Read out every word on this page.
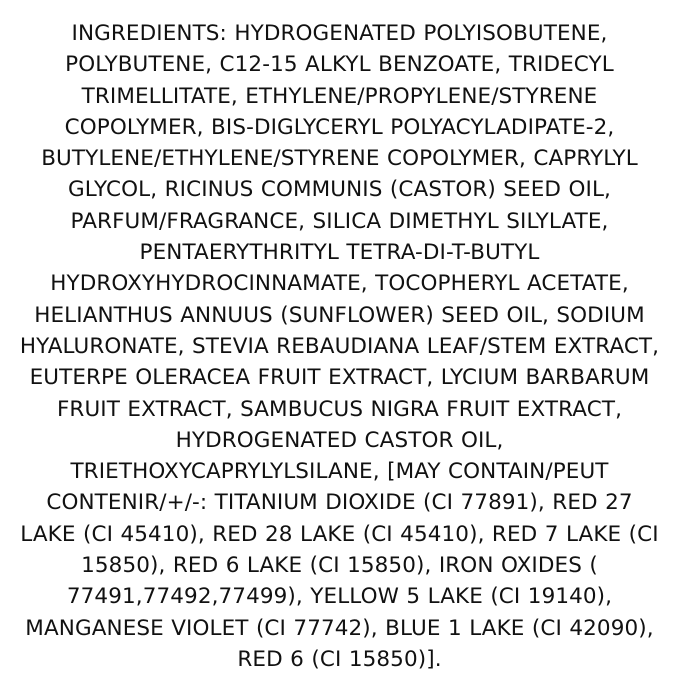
INGREDIENTS: HYDROGENATED POLYISOBUTENE, POLYBUTENE, C12-15 ALKYL BENZOATE, TRIDECYL TRIMELLITATE, ETHYLENE/PROPYLENE/STYRENE COPOLYMER, BIS-DIGLYCERYL POLYACYLADIPATE-2, BUTYLENE/ETHYLENE/STYRENE COPOLYMER, CAPRYLYL GLYCOL, RICINUS COMMUNIS (CASTOR) SEED OIL, PARFUM/FRAGRANCE, SILICA DIMETHYL SILYLATE, PENTAERYTHRITYL TETRA-DI-T-BUTYL HYDROXYHYDROCINNAMATE, TOCOPHERYL ACETATE, HELIANTHUS ANNUUS (SUNFLOWER) SEED OIL, SODIUM HYALURONATE, STEVIA REBAUDIANA LEAF/STEM EXTRACT, EUTERPE OLERACEA FRUIT EXTRACT, LYCIUM BARBARUM FRUIT EXTRACT, SAMBUCUS NIGRA FRUIT EXTRACT, HYDROGENATED CASTOR OIL, TRIETHOXYCAPRYLYLSILANE, [MAY CONTAIN/PEUT CONTENIR/+/-: TITANIUM DIOXIDE (CI 77891), RED 27 LAKE (CI 45410), RED 28 LAKE (CI 45410), RED 7 LAKE (CI 15850), RED 6 LAKE (CI 15850), IRON OXIDES ( 77491,77492,77499), YELLOW 5 LAKE (CI 19140), MANGANESE VIOLET (CI 77742), BLUE 1 LAKE (CI 42090), RED 6 (CI 15850)].
